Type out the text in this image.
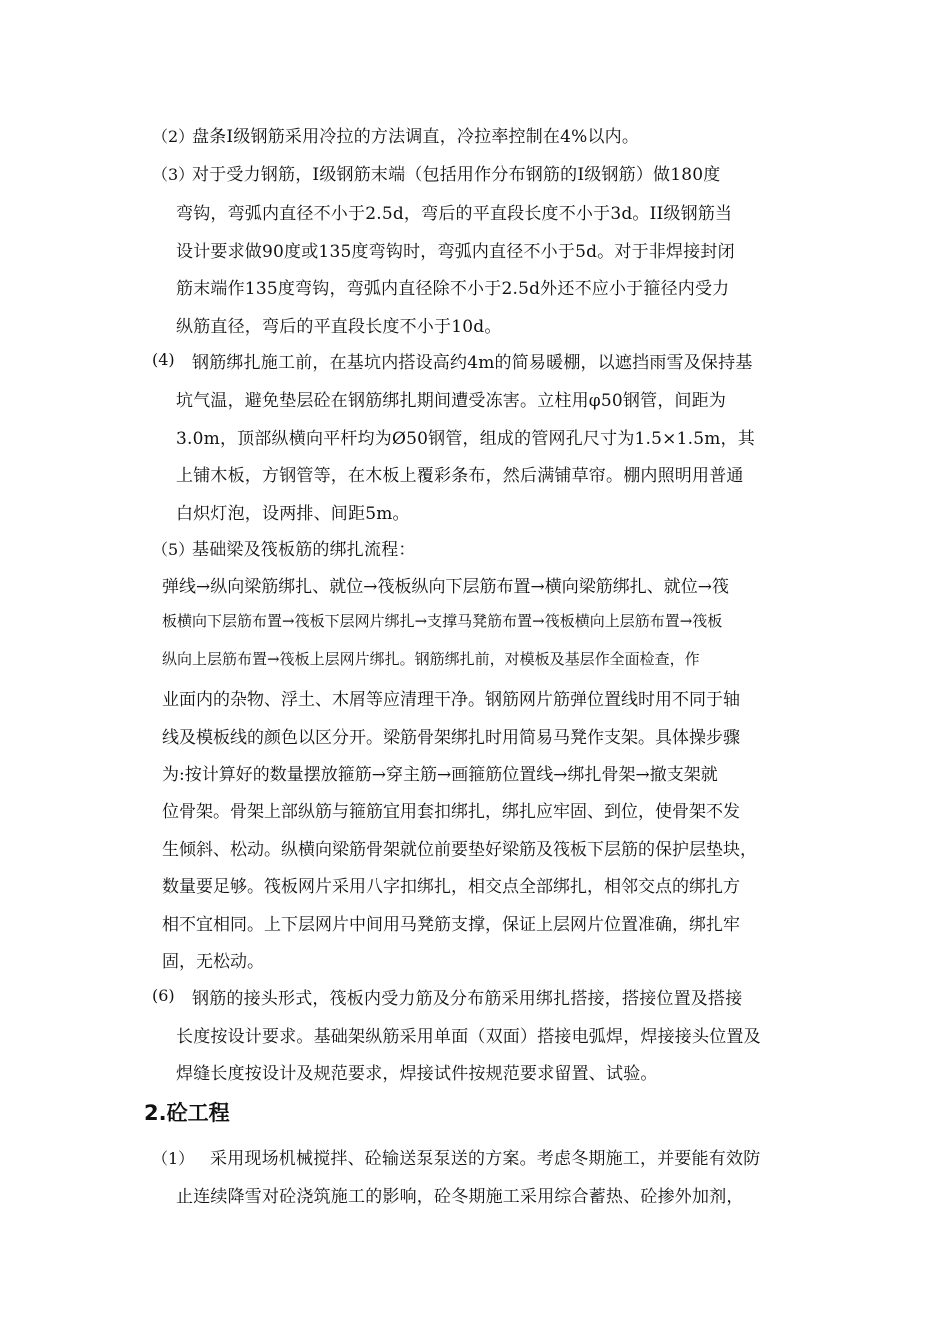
（2）
盘条Ⅰ级钢筋采用冷拉的方法调直，冷拉率控制在4%以内。
（3）
对于受力钢筋，Ⅰ级钢筋末端（包括用作分布钢筋的Ⅰ级钢筋）做180度
弯钩，弯弧内直径不小于2.5d，弯后的平直段长度不小于3d。II级钢筋当
设计要求做90度或135度弯钩时，弯弧内直径不小于5d。对于非焊接封闭
筋末端作135度弯钩，弯弧内直径除不小于2.5d外还不应小于箍径内受力
纵筋直径，弯后的平直段长度不小于10d。
(4) 钢筋绑扎施工前，在基坑内搭设高约4m的简易暖棚，以遮挡雨雪及保持基
坑气温，避免垫层砼在钢筋绑扎期间遭受冻害。立柱用φ50钢管，间距为
3.0m，顶部纵横向平杆均为Ø50钢管，组成的管网孔尺寸为1.5×1.5m，其
上铺木板，方钢管等，在木板上覆彩条布，然后满铺草帘。棚内照明用普通
白炽灯泡，设两排、间距5m。
（5）
基础梁及筏板筋的绑扎流程：
弹线→纵向梁筋绑扎、就位→筏板纵向下层筋布置→横向梁筋绑扎、就位→筏
板横向下层筋布置→筏板下层网片绑扎→支撑马凳筋布置→筏板横向上层筋布置→筏板
纵向上层筋布置→筏板上层网片绑扎。钢筋绑扎前，对模板及基层作全面检查，作
业面内的杂物、浮土、木屑等应清理干净。钢筋网片筋弹位置线时用不同于轴
线及模板线的颜色以区分开。梁筋骨架绑扎时用简易马凳作支架。具体操步骤
为:按计算好的数量摆放箍筋→穿主筋→画箍筋位置线→绑扎骨架→撤支架就
位骨架。骨架上部纵筋与箍筋宜用套扣绑扎，绑扎应牢固、到位，使骨架不发
生倾斜、松动。纵横向梁筋骨架就位前要垫好梁筋及筏板下层筋的保护层垫块，
数量要足够。筏板网片采用八字扣绑扎，相交点全部绑扎，相邻交点的绑扎方
相不宜相同。上下层网片中间用马凳筋支撑，保证上层网片位置准确，绑扎牢
固，无松动。
(6) 钢筋的接头形式，筏板内受力筋及分布筋采用绑扎搭接，搭接位置及搭接
长度按设计要求。基础架纵筋采用单面（双面）搭接电弧焊，焊接接头位置及
焊缝长度按设计及规范要求，焊接试件按规范要求留置、试验。
2.砼工程
（1） 采用现场机械搅拌、砼输送泵泵送的方案。考虑冬期施工，并要能有效防
止连续降雪对砼浇筑施工的影响，砼冬期施工采用综合蓄热、砼掺外加剂，
